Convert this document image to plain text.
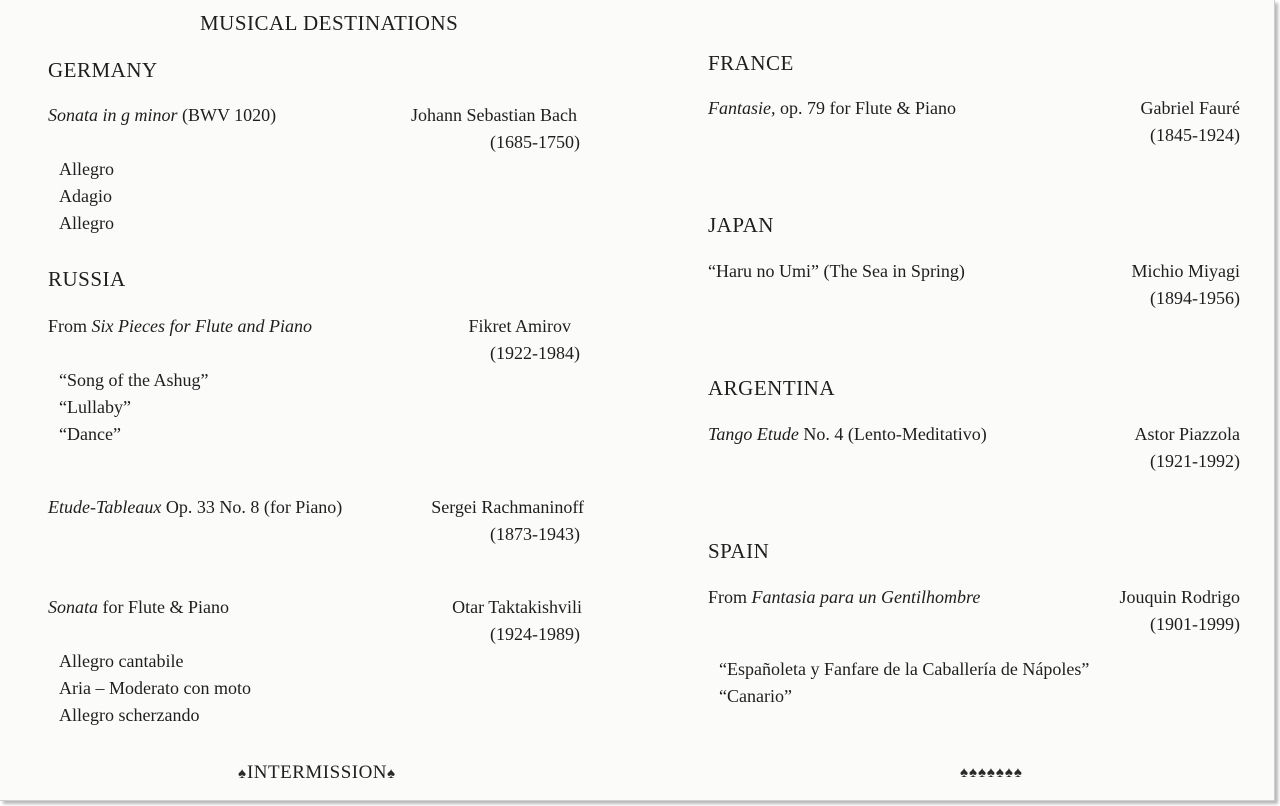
MUSICAL DESTINATIONS
GERMANY
Sonata in g minor (BWV 1020)	Johann Sebastian Bach
(1685-1750)
Allegro
Adagio
Allegro
RUSSIA
From Six Pieces for Flute and Piano	Fikret Amirov
(1922-1984)
“Song of the Ashug”
“Lullaby”
“Dance”
Etude-Tableaux Op. 33 No. 8 (for Piano)	Sergei Rachmaninoff
(1873-1943)
Sonata for Flute & Piano	Otar Taktakishvili
(1924-1989)
Allegro cantabile
Aria – Moderato con moto
Allegro scherzando
♠INTERMISSION♠
FRANCE
Fantasie, op. 79 for Flute & Piano	Gabriel Fauré
(1845-1924)
JAPAN
“Haru no Umi” (The Sea in Spring)	Michio Miyagi
(1894-1956)
ARGENTINA
Tango Etude No. 4 (Lento-Meditativo)	Astor Piazzola
(1921-1992)
SPAIN
From Fantasia para un Gentilhombre	Jouquin Rodrigo
(1901-1999)
“Españoleta y Fanfare de la Caballería de Nápoles”
“Canario”
♠♠♠♠♠♠♠
